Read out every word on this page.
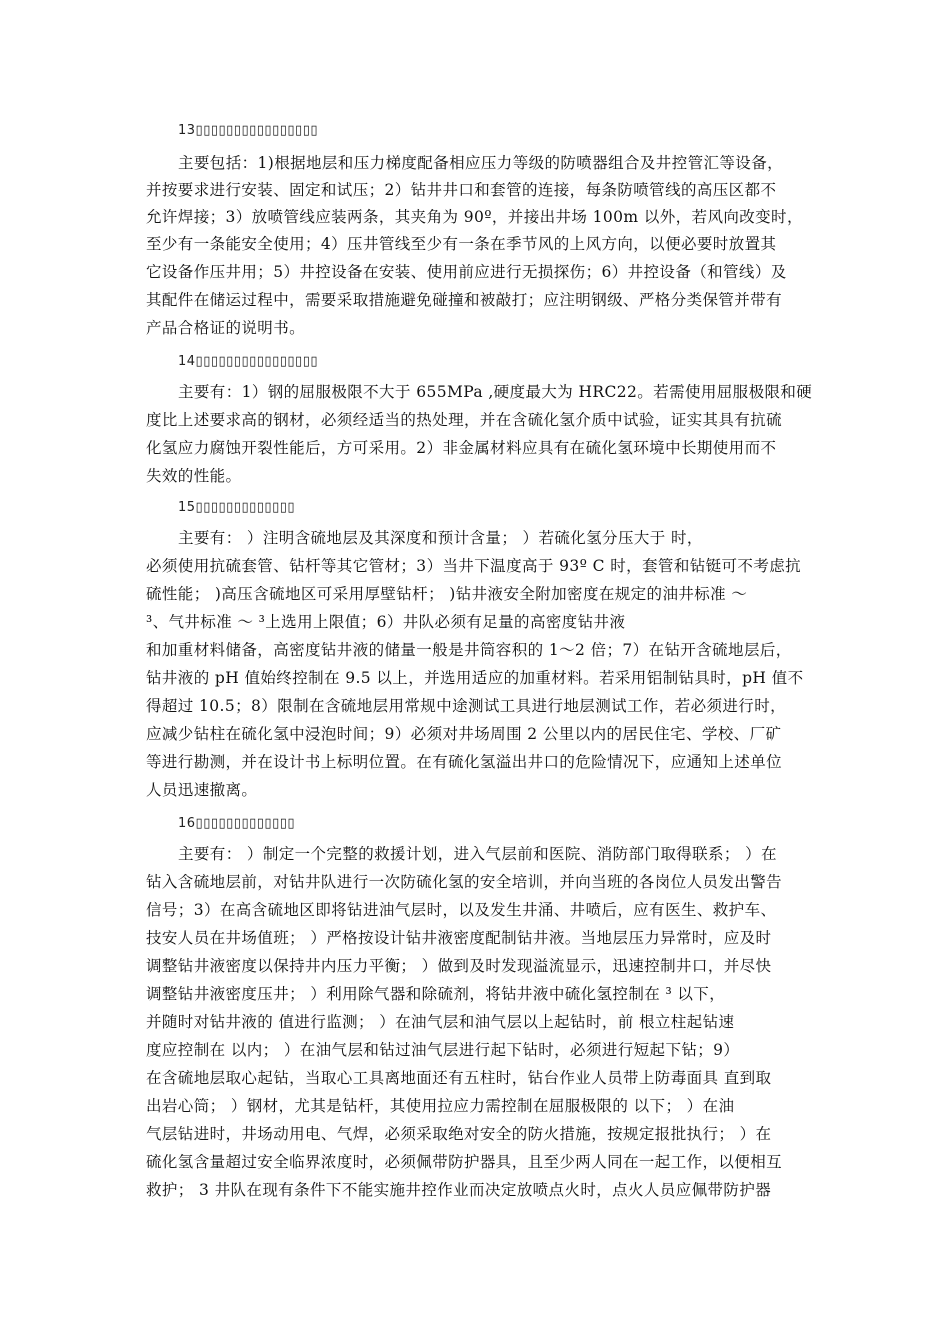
13▯▯▯▯▯▯▯▯▯▯▯▯▯▯▯▯
主要包括：1)根据地层和压力梯度配备相应压力等级的防喷器组合及井控管汇等设备，
并按要求进行安装、固定和试压；2）钻井井口和套管的连接，每条防喷管线的高压区都不
允许焊接；3）放喷管线应装两条，其夹角为 90º，并接出井场 100m 以外，若风向改变时，
至少有一条能安全使用；4）压井管线至少有一条在季节风的上风方向，以便必要时放置其
它设备作压井用；5）井控设备在安装、使用前应进行无损探伤；6）井控设备（和管线）及
其配件在储运过程中，需要采取措施避免碰撞和被敲打；应注明钢级、严格分类保管并带有
产品合格证的说明书。
14▯▯▯▯▯▯▯▯▯▯▯▯▯▯▯▯
主要有：1）钢的屈服极限不大于 655MPa ,硬度最大为 HRC22。若需使用屈服极限和硬
度比上述要求高的钢材，必须经适当的热处理，并在含硫化氢介质中试验，证实其具有抗硫
化氢应力腐蚀开裂性能后，方可采用。2）非金属材料应具有在硫化氢环境中长期使用而不
失效的性能。
15▯▯▯▯▯▯▯▯▯▯▯▯▯
主要有： ）注明含硫地层及其深度和预计含量； ）若硫化氢分压大于 时，
必须使用抗硫套管、钻杆等其它管材；3）当井下温度高于 93º C 时，套管和钻铤可不考虑抗
硫性能； )高压含硫地区可采用厚壁钻杆； )钻井液安全附加密度在规定的油井标准 ～
³、气井标准 ～ ³上选用上限值；6）井队必须有足量的高密度钻井液
和加重材料储备，高密度钻井液的储量一般是井筒容积的 1～2 倍；7）在钻开含硫地层后，
钻井液的 pH 值始终控制在 9.5 以上，并选用适应的加重材料。若采用铝制钻具时，pH 值不
得超过 10.5；8）限制在含硫地层用常规中途测试工具进行地层测试工作，若必须进行时，
应减少钻柱在硫化氢中浸泡时间；9）必须对井场周围 2 公里以内的居民住宅、学校、厂矿
等进行勘测，并在设计书上标明位置。在有硫化氢溢出井口的危险情况下，应通知上述单位
人员迅速撤离。
16▯▯▯▯▯▯▯▯▯▯▯▯▯
主要有： ）制定一个完整的救援计划，进入气层前和医院、消防部门取得联系； ）在
钻入含硫地层前，对钻井队进行一次防硫化氢的安全培训，并向当班的各岗位人员发出警告
信号；3）在高含硫地区即将钻进油气层时，以及发生井涌、井喷后，应有医生、救护车、
技安人员在井场值班； ）严格按设计钻井液密度配制钻井液。当地层压力异常时，应及时
调整钻井液密度以保持井内压力平衡； ）做到及时发现溢流显示，迅速控制井口，并尽快
调整钻井液密度压井； ）利用除气器和除硫剂，将钻井液中硫化氢控制在 ³ 以下，
并随时对钻井液的 值进行监测； ）在油气层和油气层以上起钻时，前 根立柱起钻速
度应控制在 以内； ）在油气层和钻过油气层进行起下钻时，必须进行短起下钻；9）
在含硫地层取心起钻，当取心工具离地面还有五柱时，钻台作业人员带上防毒面具 直到取
出岩心筒； ）钢材，尤其是钻杆，其使用拉应力需控制在屈服极限的 以下； ）在油
气层钻进时，井场动用电、气焊，必须采取绝对安全的防火措施，按规定报批执行； ）在
硫化氢含量超过安全临界浓度时，必须佩带防护器具，且至少两人同在一起工作，以便相互
救护； 3 井队在现有条件下不能实施井控作业而决定放喷点火时，点火人员应佩带防护器
